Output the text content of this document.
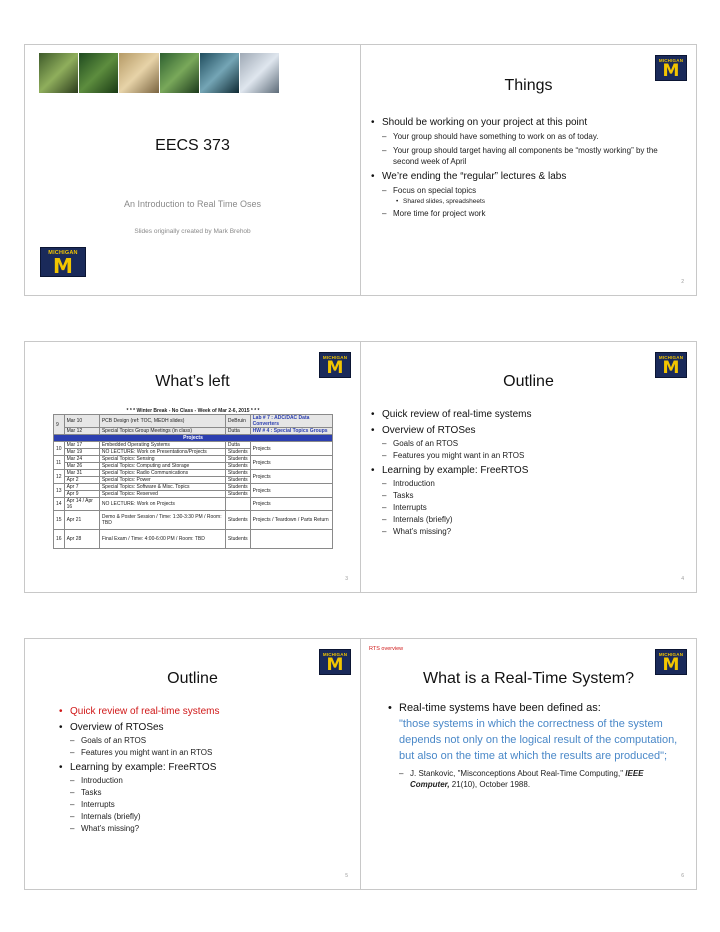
EECS 373
An Introduction to Real Time Oses
Slides originally created by Mark Brehob
MICHIGAN
M
MICHIGAN
M
Things
• Should be working on your project at this point
– Your group should have something to work on as of today.
– Your group should target having all components be “mostly working” by the second week of April
• We’re ending the “regular” lectures & labs
– Focus on special topics
• Shared slides, spreadsheets
– More time for project work
2
MICHIGAN
M
What’s left
* * * Winter Break - No Class - Week of Mar 2-6, 2015 * * *				
9	Mar 10	PCB Design (ref: TOC, MEDH slides)	DeBruin	Lab # 7 : ADC/DAC Data Converters
	Mar 12	Special Topics Group Meetings (in class)	Dutta	HW # 4 : Special Topics Groups
Projects				
10	Mar 17	Embedded Operating Systems	Dutta	Projects
	Mar 19	NO LECTURE: Work on Presentations/Projects	Students	
11	Mar 24	Special Topics: Sensing	Students	Projects
	Mar 26	Special Topics: Computing and Storage	Students	
12	Mar 31	Special Topics: Radio Communications	Students	Projects
	Apr 2	Special Topics: Power	Students	
13	Apr 7	Special Topics: Software & Misc. Topics	Students	Projects
	Apr 9	Special Topics: Reserved	Students	
14	Apr 14 / Apr 16	NO LECTURE: Work on Projects		Projects
15	Apr 21	Demo & Poster Session / Time: 1:30-3:30 PM / Room: TBD	Students	Projects / Teardown / Parts Return
16	Apr 28	Final Exam / Time: 4:00-6:00 PM / Room: TBD	Students	
3
MICHIGAN
M
Outline
• Quick review of real-time systems
• Overview of RTOSes
– Goals of an RTOS
– Features you might want in an RTOS
• Learning by example: FreeRTOS
– Introduction
– Tasks
– Interrupts
– Internals (briefly)
– What’s missing?
4
MICHIGAN
M
Outline
• Quick review of real-time systems
• Overview of RTOSes
– Goals of an RTOS
– Features you might want in an RTOS
• Learning by example: FreeRTOS
– Introduction
– Tasks
– Interrupts
– Internals (briefly)
– What’s missing?
5
RTS overview
MICHIGAN
M
What is a Real-Time System?
• Real-time systems have been defined as:
"those systems in which the correctness of the system depends not only on the logical result of the computation, but also on the time at which the results are produced";
– J. Stankovic, "Misconceptions About Real-Time Computing," IEEE Computer, 21(10), October 1988.
6
